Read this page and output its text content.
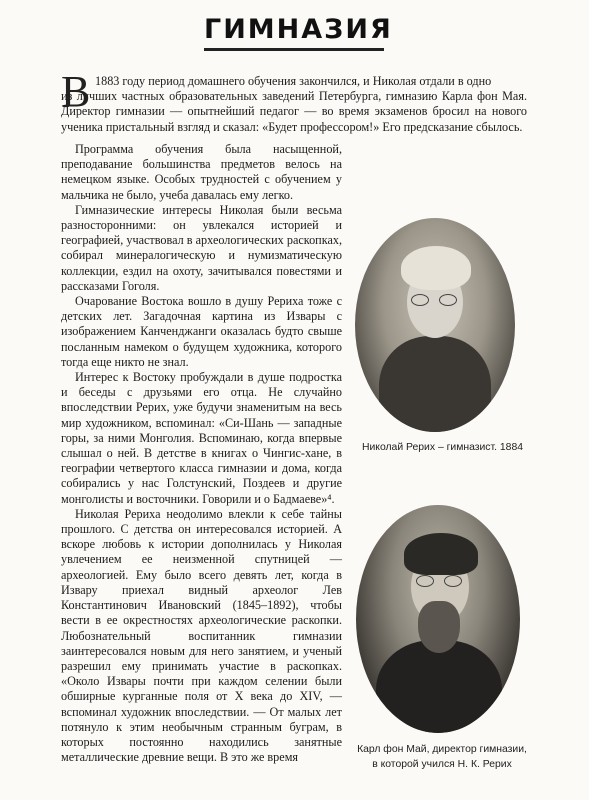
ГИМНАЗИЯ
В 1883 году период домашнего обучения закончился, и Николая отдали в одно
из лучших частных образовательных заведений Петербурга, гимназию Карла фон Мая. Директор гимназии — опытнейший педагог — во время экзаменов бросил на нового ученика пристальный взгляд и сказал: «Будет профессором!» Его предсказание сбылось.

Программа обучения была насыщенной, преподавание большинства предметов велось на немецком языке. Особых трудностей с обучением у мальчика не было, учеба давалась ему легко.

Гимназические интересы Николая были весьма разносторонними: он увлекался историей и географией, участвовал в археологических раскопках, собирал минералогическую и нумизматическую коллекции, ездил на охоту, зачитывался повестями и рассказами Гоголя.

Очарование Востока вошло в душу Рериха тоже с детских лет. Загадочная картина из Извары с изображением Канченджанги оказалась будто свыше посланным намеком о будущем художника, которого тогда еще никто не знал.

Интерес к Востоку пробуждали в душе подростка и беседы с друзьями его отца. Не случайно впоследствии Рерих, уже будучи знаменитым на весь мир художником, вспоминал: «Си-Шань — западные горы, за ними Монголия. Вспоминаю, когда впервые слышал о ней. В детстве в книгах о Чингис-хане, в географии четвертого класса гимназии и дома, когда собирались у нас Голстунский, Поздеев и другие монголисты и восточники. Говорили и о Бадмаеве»⁴.

Николая Рериха неодолимо влекли к себе тайны прошлого. С детства он интересовался историей. А вскоре любовь к истории дополнилась у Николая увлечением ее неизменной спутницей — археологией. Ему было всего девять лет, когда в Извару приехал видный археолог Лев Константинович Ивановский (1845–1892), чтобы вести в ее окрестностях археологические раскопки. Любознательный воспитанник гимназии заинтересовался новым для него занятием, и ученый разрешил ему принимать участие в раскопках. «Около Извары почти при каждом селении были обширные курганные поля от X века до XIV, — вспоминал художник впоследствии. — От малых лет потянуло к этим необычным странным буграм, в которых постоянно находились занятные металлические древние вещи. В это же время

Николай Рерих – гимназист. 1884

Карл фон Май, директор гимназии,
в которой учился Н. К. Рерих
